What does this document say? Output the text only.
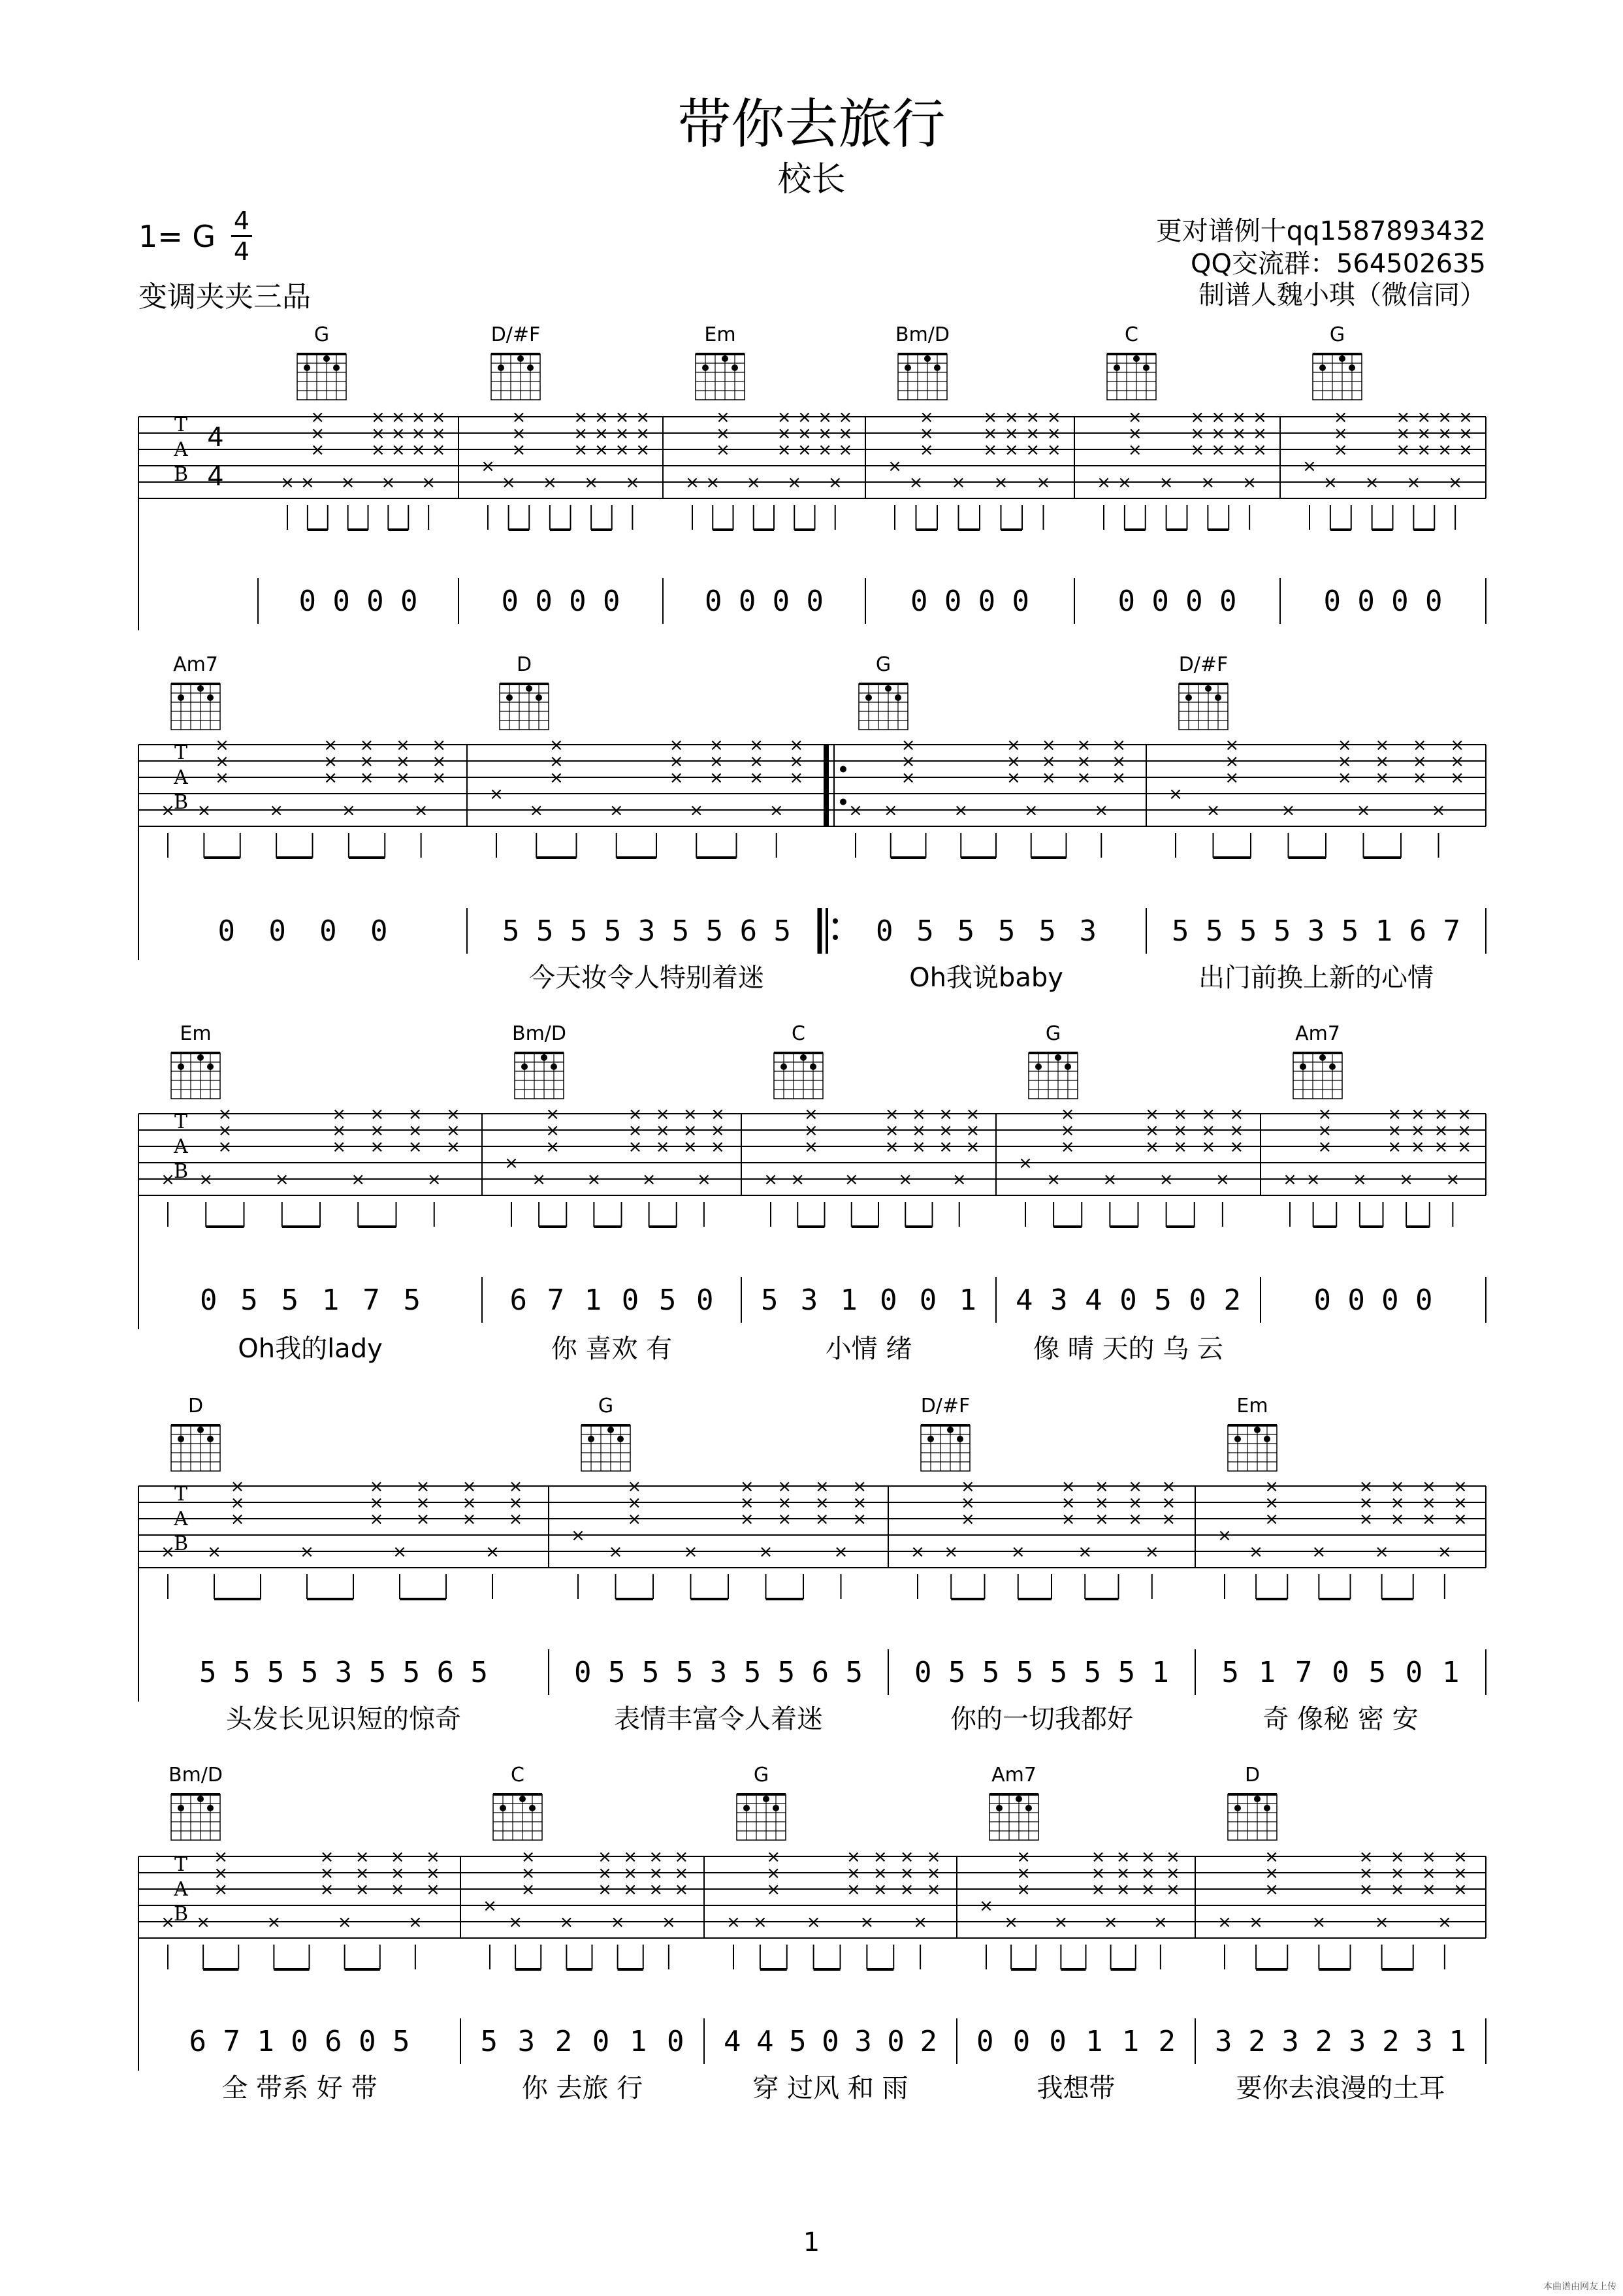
带你去旅行
校长
1= G 4
4
变调夹夹三品
更对谱例十qq1587893432
QQ交流群：564502635
制谱人魏小琪（微信同）
T
A
B
4
4
G
× ×
×
×
×
×
×
×
×
×
×
×
×
×
×
×
×
×
×
×
0 0 0 0
D/#F
×
×
×
×
×
×
×
×
×
×
×
×
×
×
×
×
×
×
×
×
0 0 0 0
Em
× ×
×
×
×
×
×
×
×
×
×
×
×
×
×
×
×
×
×
×
0 0 0 0
Bm/D
×
×
×
×
×
×
×
×
×
×
×
×
×
×
×
×
×
×
×
×
0 0 0 0
C
× ×
×
×
×
×
×
×
×
×
×
×
×
×
×
×
×
×
×
×
0 0 0 0
G
×
×
×
×
×
×
×
×
×
×
×
×
×
×
×
×
×
×
×
×
0 0 0 0
T
A
B
Am7
× ×
×
×
×
×
×
×
×
×
×
×
×
×
×
×
×
×
×
×
0 0 0 0
D
×
×
×
×
×
×
×
×
×
×
×
×
×
×
×
×
×
×
×
×
5 5 5 5 3 5 5 6 5
今天妆令人特别着迷
G
× ×
×
×
×
×
×
×
×
×
×
×
×
×
×
×
×
×
×
×
0 5 5 5 5 3
Oh我说baby
D/#F
×
×
×
×
×
×
×
×
×
×
×
×
×
×
×
×
×
×
×
×
5 5 5 5 3 5 1 6 7
出门前换上新的心情
T
A
B
Em
× ×
×
×
×
×
×
×
×
×
×
×
×
×
×
×
×
×
×
×
0 5 5 1 7 5
Oh我的lady
Bm/D
×
×
×
×
×
×
×
×
×
×
×
×
×
×
×
×
×
×
×
×
6 7 1 0 5 0
你 喜欢 有
C
× ×
×
×
×
×
×
×
×
×
×
×
×
×
×
×
×
×
×
×
5 3 1 0 0 1
小情 绪
G
×
×
×
×
×
×
×
×
×
×
×
×
×
×
×
×
×
×
×
×
4 3 4 0 5 0 2
像 晴 天的 乌 云
Am7
× ×
×
×
×
×
×
×
×
×
×
×
×
×
×
×
×
×
×
×
0 0 0 0
T
A
B
D
× ×
×
×
×
×
×
×
×
×
×
×
×
×
×
×
×
×
×
×
5 5 5 5 3 5 5 6 5
头发长见识短的惊奇
G
×
×
×
×
×
×
×
×
×
×
×
×
×
×
×
×
×
×
×
×
0 5 5 5 3 5 5 6 5
表情丰富令人着迷
D/#F
× ×
×
×
×
×
×
×
×
×
×
×
×
×
×
×
×
×
×
×
0 5 5 5 5 5 5 1
你的一切我都好
Em
×
×
×
×
×
×
×
×
×
×
×
×
×
×
×
×
×
×
×
×
5 1 7 0 5 0 1
奇 像秘 密 安
T
A
B
Bm/D
× ×
×
×
×
×
×
×
×
×
×
×
×
×
×
×
×
×
×
×
6 7 1 0 6 0 5
全 带系 好 带
C
×
×
×
×
×
×
×
×
×
×
×
×
×
×
×
×
×
×
×
×
5 3 2 0 1 0
你 去旅 行
G
× ×
×
×
×
×
×
×
×
×
×
×
×
×
×
×
×
×
×
×
4 4 5 0 3 0 2
穿 过风 和 雨
Am7
×
×
×
×
×
×
×
×
×
×
×
×
×
×
×
×
×
×
×
×
0 0 0 1 1 2
我想带
D
× ×
×
×
×
×
×
×
×
×
×
×
×
×
×
×
×
×
×
×
3 2 3 2 3 2 3 1
要你去浪漫的土耳
1
本曲谱由网友上传
